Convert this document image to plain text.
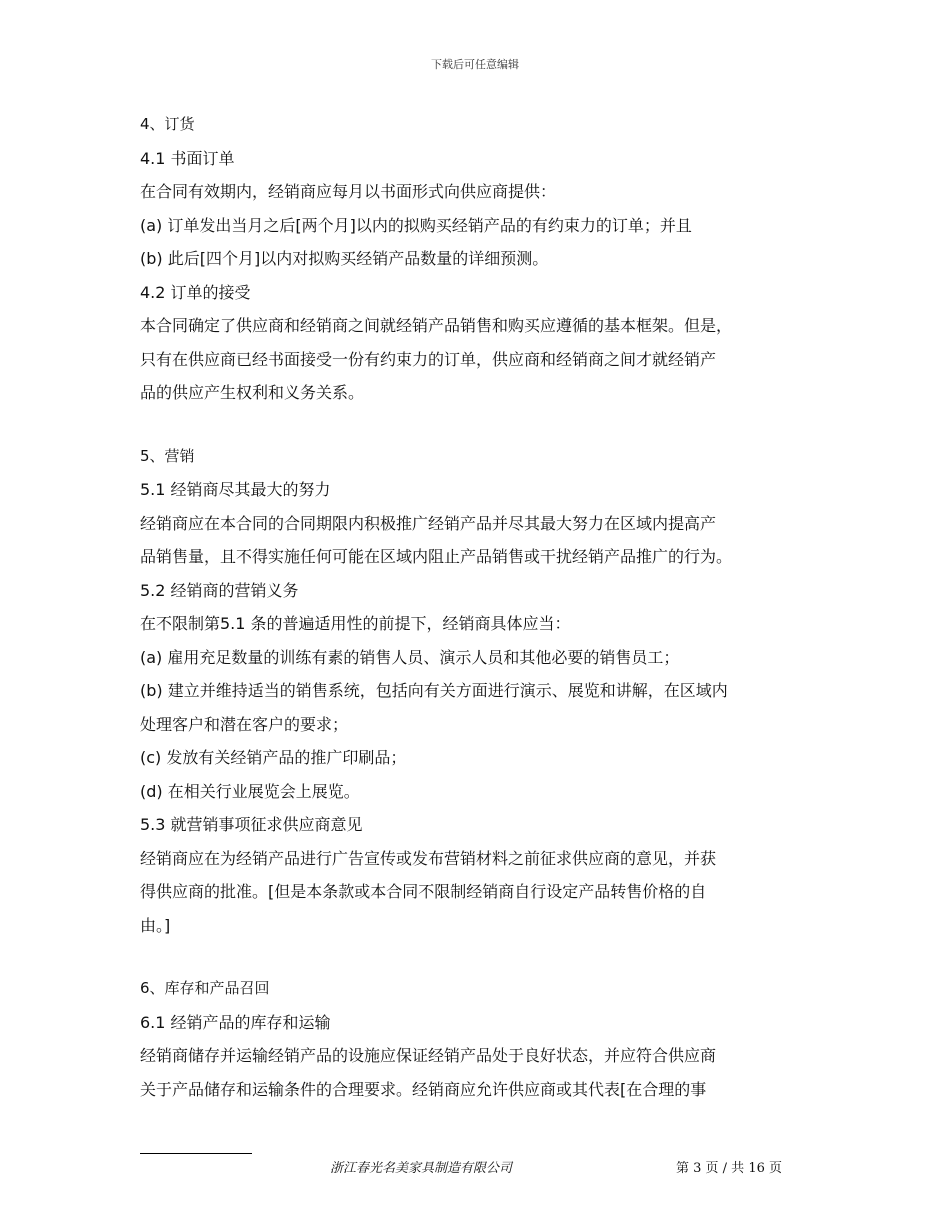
下载后可任意编辑
4、订货
4.1 书面订单
在合同有效期内，经销商应每月以书面形式向供应商提供：
(a) 订单发出当月之后[两个月]以内的拟购买经销产品的有约束力的订单；并且
(b) 此后[四个月]以内对拟购买经销产品数量的详细预测。
4.2 订单的接受
本合同确定了供应商和经销商之间就经销产品销售和购买应遵循的基本框架。但是，
只有在供应商已经书面接受一份有约束力的订单，供应商和经销商之间才就经销产
品的供应产生权利和义务关系。
5、营销
5.1 经销商尽其最大的努力
经销商应在本合同的合同期限内积极推广经销产品并尽其最大努力在区域内提高产
品销售量，且不得实施任何可能在区域内阻止产品销售或干扰经销产品推广的行为。
5.2 经销商的营销义务
在不限制第5.1 条的普遍适用性的前提下，经销商具体应当：
(a) 雇用充足数量的训练有素的销售人员、演示人员和其他必要的销售员工；
(b) 建立并维持适当的销售系统，包括向有关方面进行演示、展览和讲解，在区域内
处理客户和潜在客户的要求；
(c) 发放有关经销产品的推广印刷品；
(d) 在相关行业展览会上展览。
5.3 就营销事项征求供应商意见
经销商应在为经销产品进行广告宣传或发布营销材料之前征求供应商的意见，并获
得供应商的批准。[但是本条款或本合同不限制经销商自行设定产品转售价格的自
由。]
6、库存和产品召回
6.1 经销产品的库存和运输
经销商储存并运输经销产品的设施应保证经销产品处于良好状态，并应符合供应商
关于产品储存和运输条件的合理要求。经销商应允许供应商或其代表[在合理的事
浙江春光名美家具制造有限公司	第 3 页 / 共 16 页
